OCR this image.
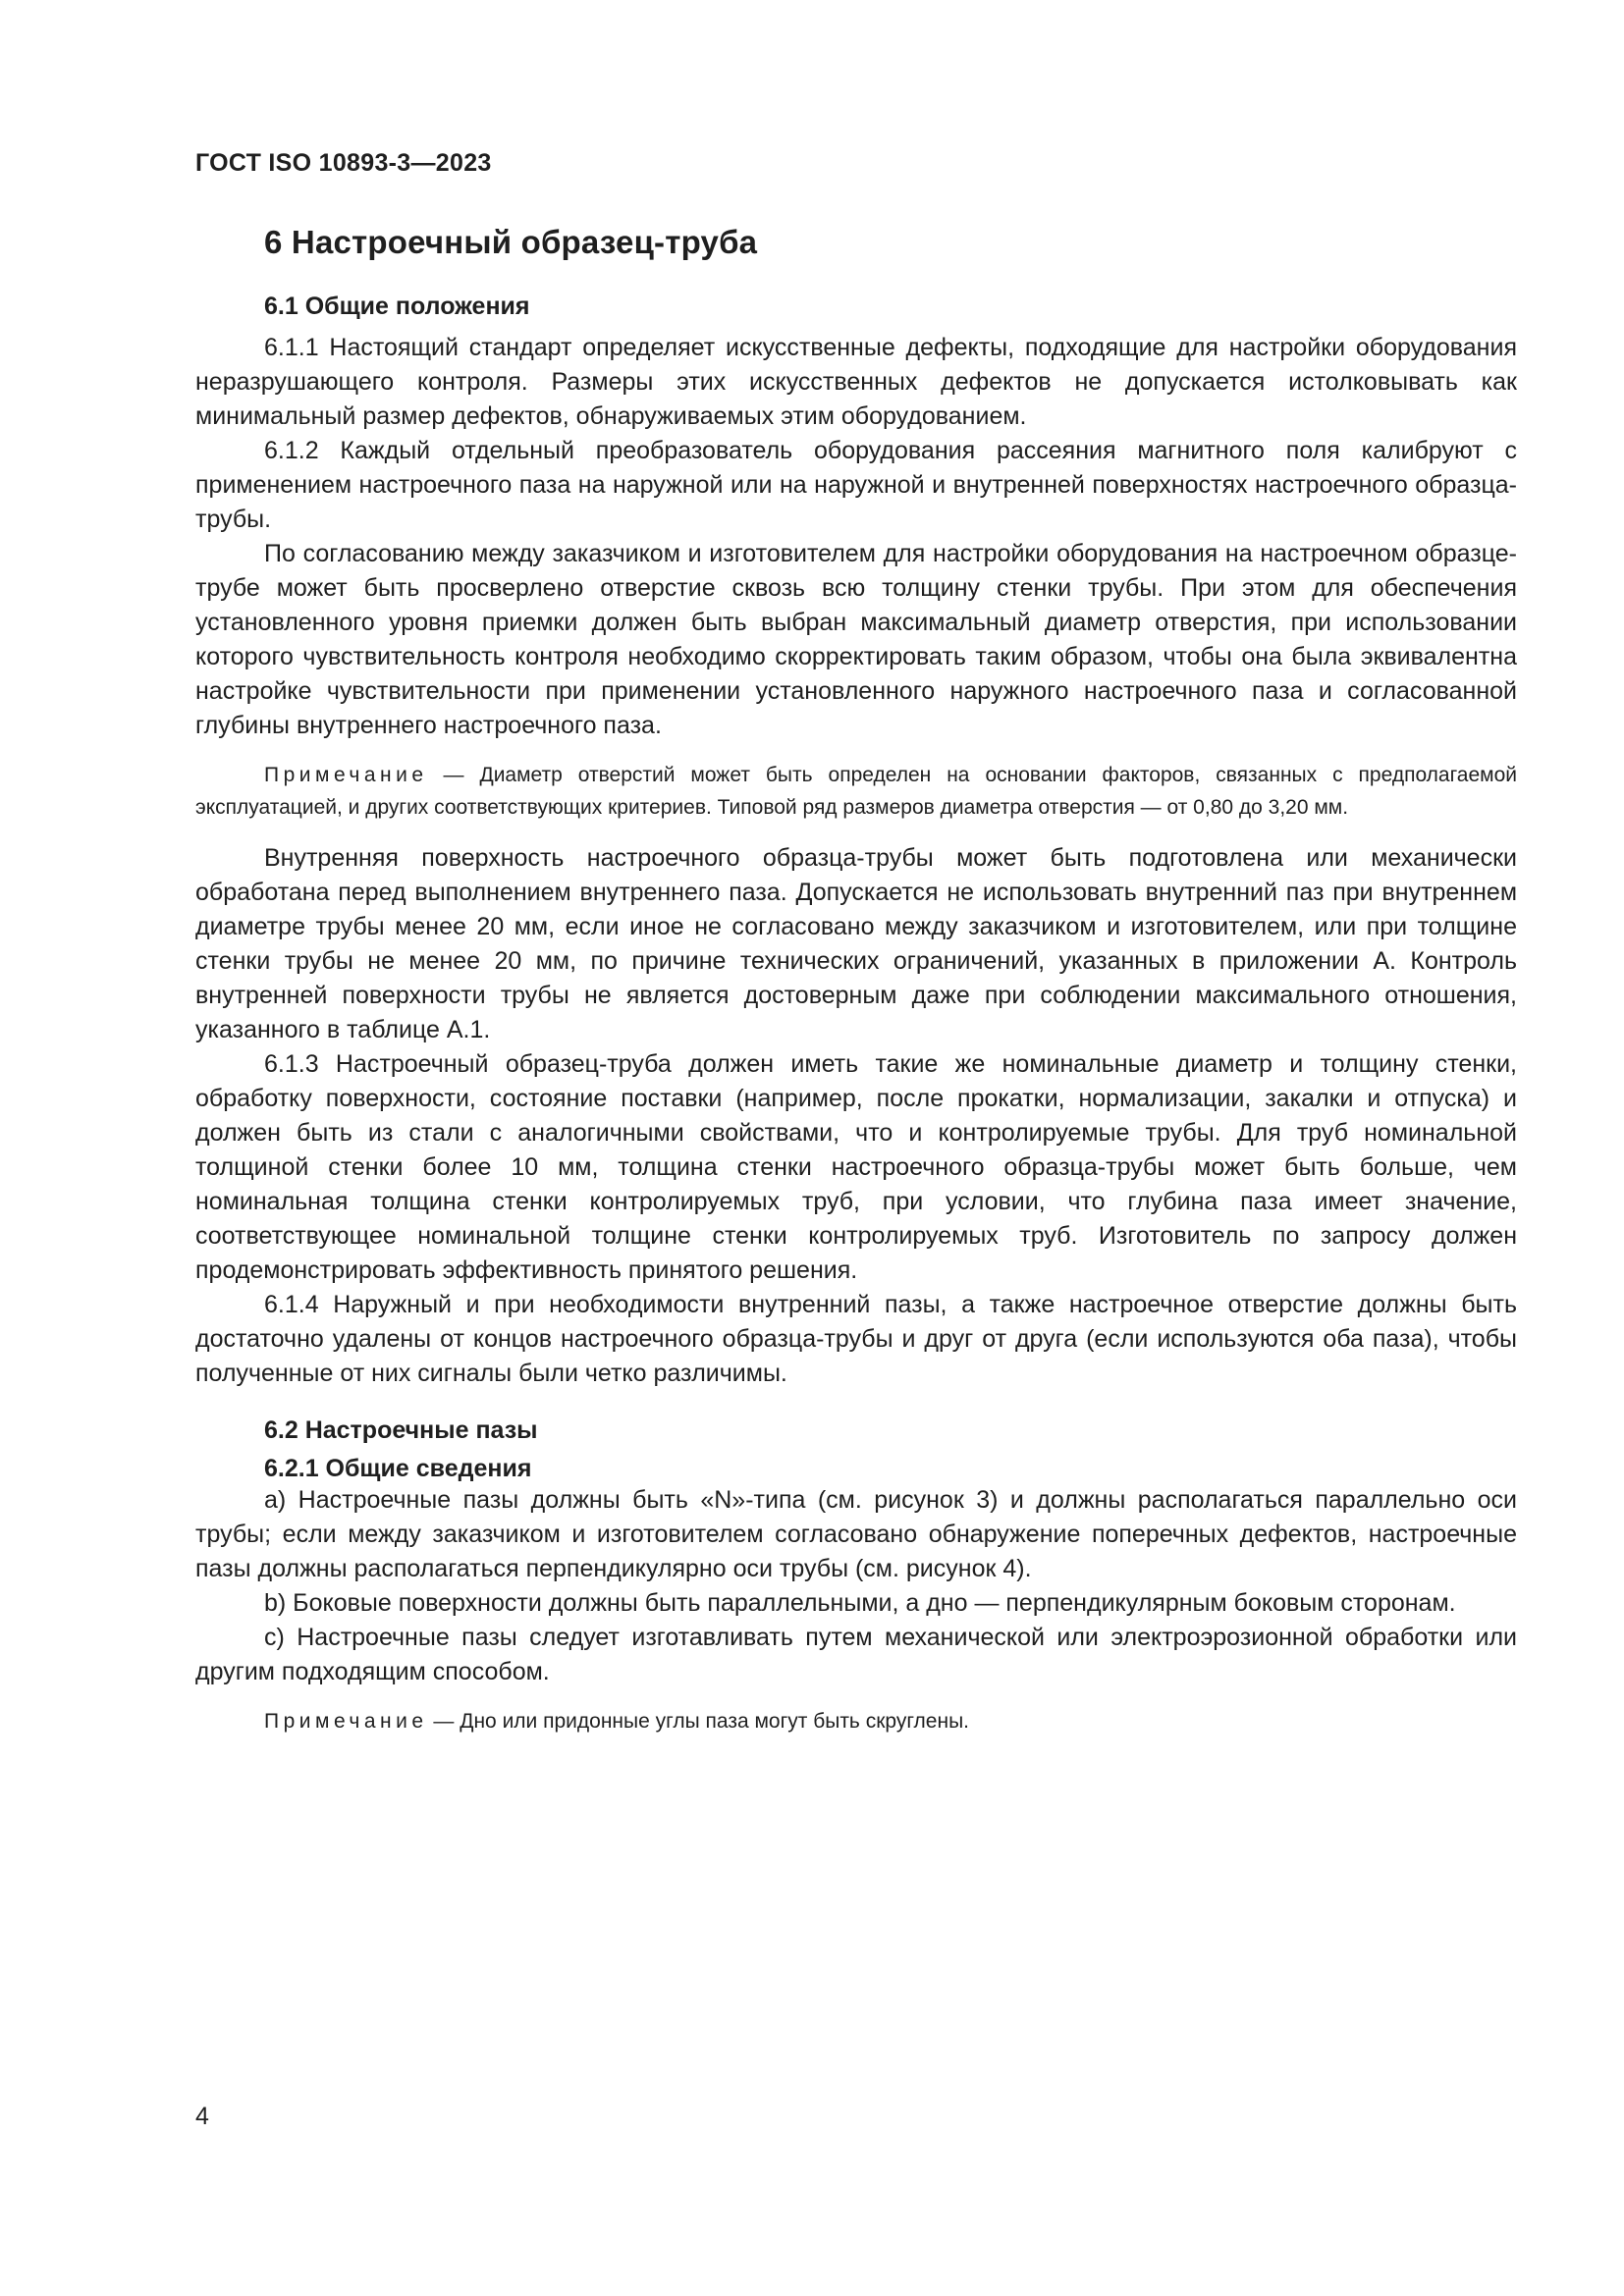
ГОСТ ISO 10893-3—2023
6 Настроечный образец-труба
6.1 Общие положения

6.1.1 Настоящий стандарт определяет искусственные дефекты, подходящие для настройки оборудования неразрушающего контроля. Размеры этих искусственных дефектов не допускается истолковывать как минимальный размер дефектов, обнаруживаемых этим оборудованием.

6.1.2 Каждый отдельный преобразователь оборудования рассеяния магнитного поля калибруют с применением настроечного паза на наружной или на наружной и внутренней поверхностях настроечного образца-трубы.

По согласованию между заказчиком и изготовителем для настройки оборудования на настроечном образце-трубе может быть просверлено отверстие сквозь всю толщину стенки трубы. При этом для обеспечения установленного уровня приемки должен быть выбран максимальный диаметр отверстия, при использовании которого чувствительность контроля необходимо скорректировать таким образом, чтобы она была эквивалентна настройке чувствительности при применении установленного наружного настроечного паза и согласованной глубины внутреннего настроечного паза.

Примечание — Диаметр отверстий может быть определен на основании факторов, связанных с предполагаемой эксплуатацией, и других соответствующих критериев. Типовой ряд размеров диаметра отверстия — от 0,80 до 3,20 мм.

Внутренняя поверхность настроечного образца-трубы может быть подготовлена или механически обработана перед выполнением внутреннего паза. Допускается не использовать внутренний паз при внутреннем диаметре трубы менее 20 мм, если иное не согласовано между заказчиком и изготовителем, или при толщине стенки трубы не менее 20 мм, по причине технических ограничений, указанных в приложении А. Контроль внутренней поверхности трубы не является достоверным даже при соблюдении максимального отношения, указанного в таблице А.1.

6.1.3 Настроечный образец-труба должен иметь такие же номинальные диаметр и толщину стенки, обработку поверхности, состояние поставки (например, после прокатки, нормализации, закалки и отпуска) и должен быть из стали с аналогичными свойствами, что и контролируемые трубы. Для труб номинальной толщиной стенки более 10 мм, толщина стенки настроечного образца-трубы может быть больше, чем номинальная толщина стенки контролируемых труб, при условии, что глубина паза имеет значение, соответствующее номинальной толщине стенки контролируемых труб. Изготовитель по запросу должен продемонстрировать эффективность принятого решения.

6.1.4 Наружный и при необходимости внутренний пазы, а также настроечное отверстие должны быть достаточно удалены от концов настроечного образца-трубы и друг от друга (если используются оба паза), чтобы полученные от них сигналы были четко различимы.

6.2 Настроечные пазы
6.2.1 Общие сведения

а) Настроечные пазы должны быть «N»-типа (см. рисунок 3) и должны располагаться параллельно оси трубы; если между заказчиком и изготовителем согласовано обнаружение поперечных дефектов, настроечные пазы должны располагаться перпендикулярно оси трубы (см. рисунок 4).

b) Боковые поверхности должны быть параллельными, а дно — перпендикулярным боковым сторонам.

c) Настроечные пазы следует изготавливать путем механической или электроэрозионной обработки или другим подходящим способом.

Примечание — Дно или придонные углы паза могут быть скруглены.
4
